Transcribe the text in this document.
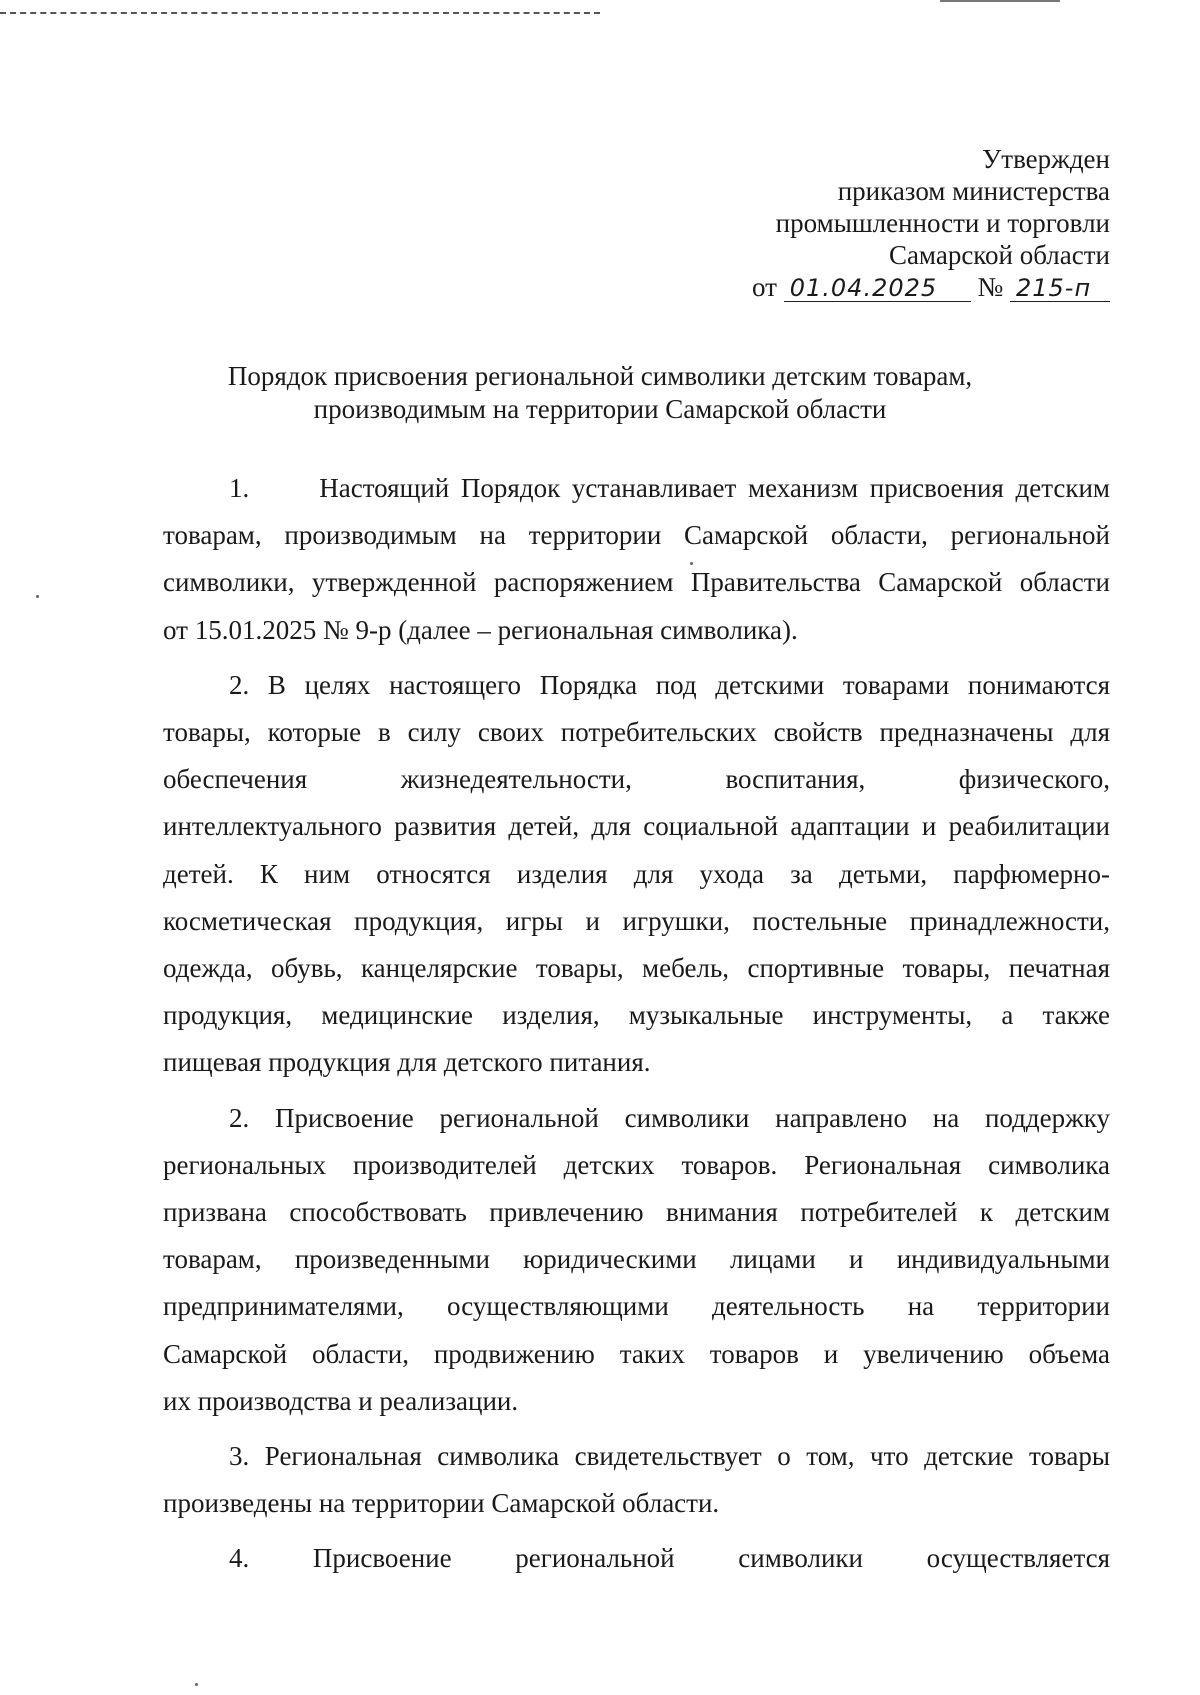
Утвержден
приказом министерства
промышленности и торговли
Самарской области
от 01.04.2025 № 215-п
Порядок присвоения региональной символики детским товарам,
производимым на территории Самарской области
1.	Настоящий Порядок устанавливает механизм присвоения детским
товарам, производимым на территории Самарской области, региональной
символики, утвержденной распоряжением Правительства Самарской области
от 15.01.2025 № 9-р (далее – региональная символика).
2. В целях настоящего Порядка под детскими товарами понимаются
товары, которые в силу своих потребительских свойств предназначены для
обеспечения жизнедеятельности, воспитания, физического,
интеллектуального развития детей, для социальной адаптации и реабилитации
детей. К ним относятся изделия для ухода за детьми, парфюмерно-
косметическая продукция, игры и игрушки, постельные принадлежности,
одежда, обувь, канцелярские товары, мебель, спортивные товары, печатная
продукция, медицинские изделия, музыкальные инструменты, а также
пищевая продукция для детского питания.
2. Присвоение региональной символики направлено на поддержку
региональных производителей детских товаров. Региональная символика
призвана способствовать привлечению внимания потребителей к детским
товарам, произведенными юридическими лицами и индивидуальными
предпринимателями, осуществляющими деятельность на территории
Самарской области, продвижению таких товаров и увеличению объема
их производства и реализации.
3. Региональная символика свидетельствует о том, что детские товары
произведены на территории Самарской области.
4. Присвоение региональной символики осуществляется
